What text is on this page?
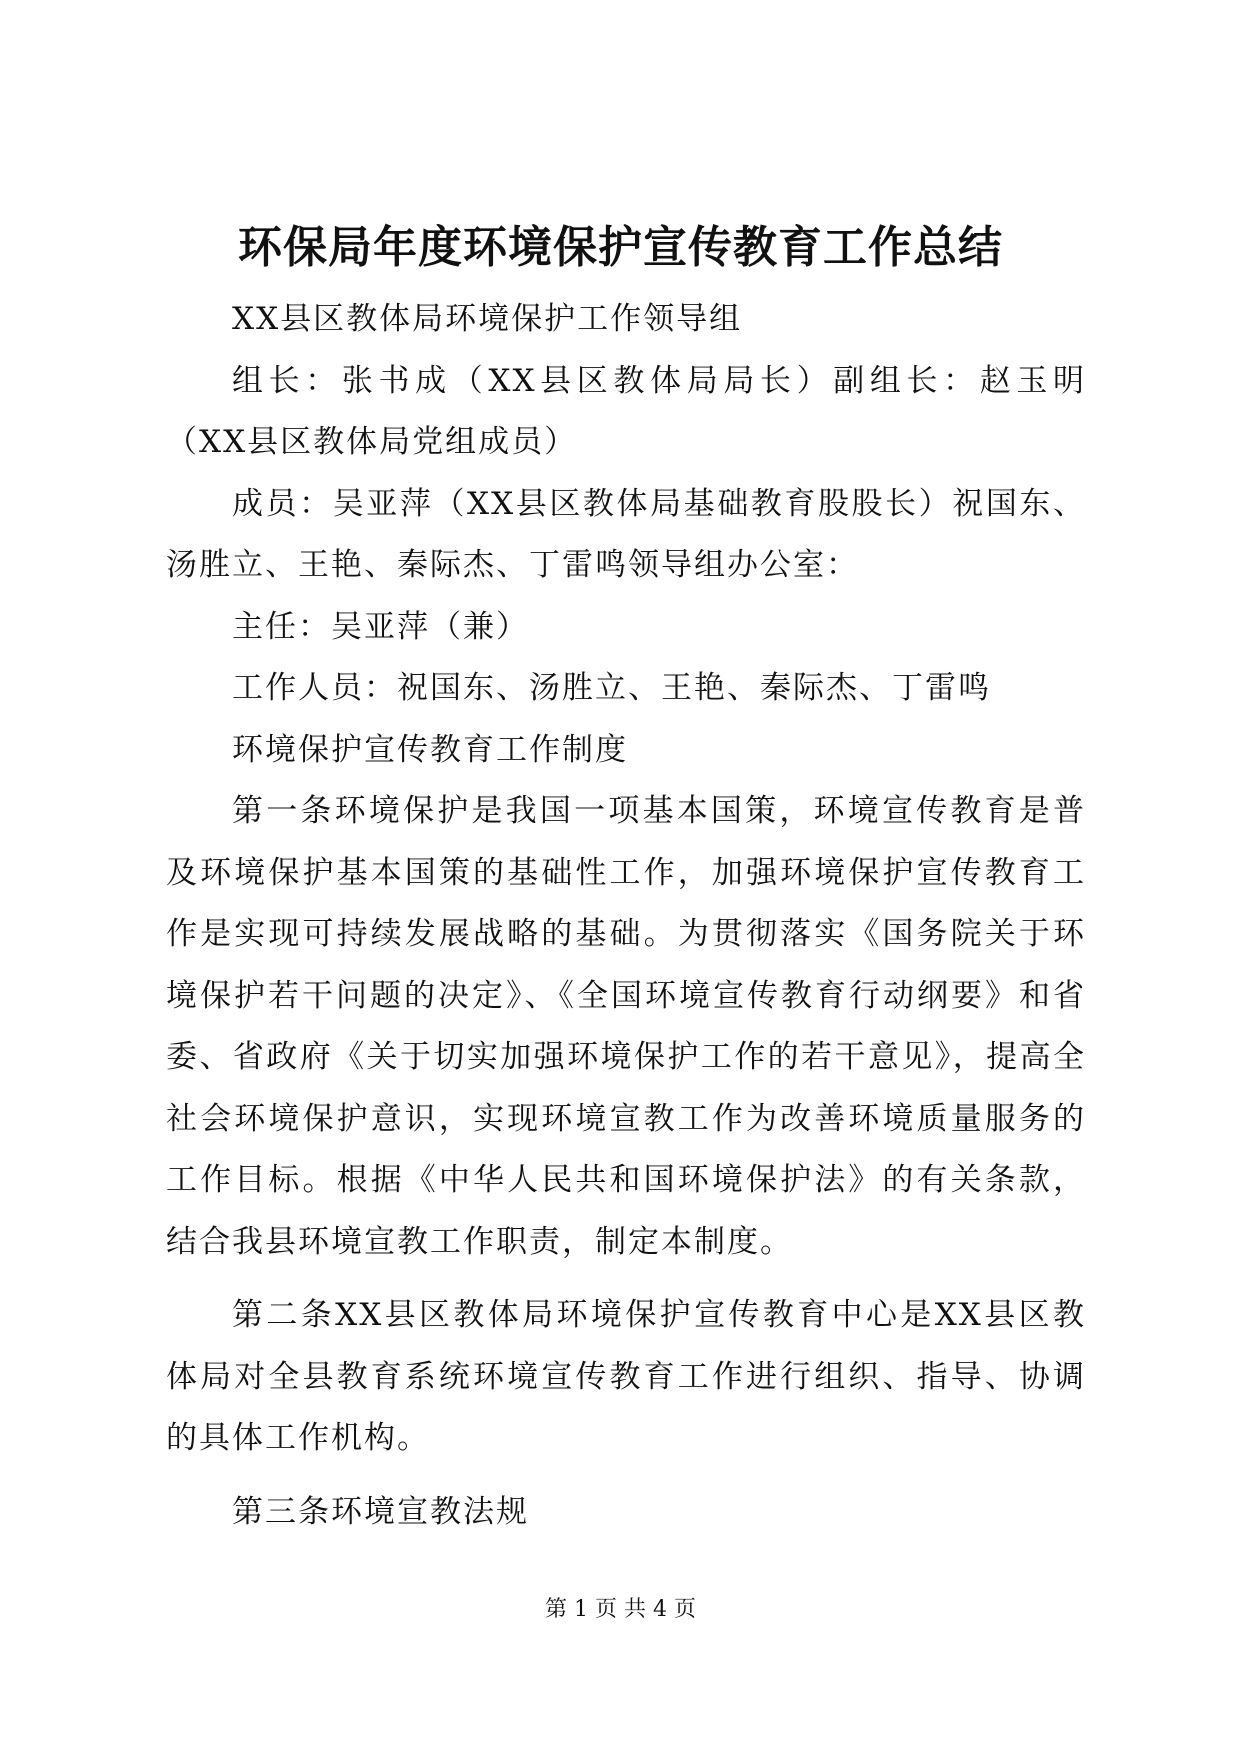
环保局年度环境保护宣传教育工作总结

XX县区教体局环境保护工作领导组

组长：张书成（XX县区教体局局长）副组长：赵玉明（XX县区教体局党组成员）

成员：吴亚萍（XX县区教体局基础教育股股长）祝国东、汤胜立、王艳、秦际杰、丁雷鸣领导组办公室：

主任：吴亚萍（兼）

工作人员：祝国东、汤胜立、王艳、秦际杰、丁雷鸣

环境保护宣传教育工作制度

第一条环境保护是我国一项基本国策，环境宣传教育是普及环境保护基本国策的基础性工作，加强环境保护宣传教育工作是实现可持续发展战略的基础。为贯彻落实《国务院关于环境保护若干问题的决定》、《全国环境宣传教育行动纲要》和省委、省政府《关于切实加强环境保护工作的若干意见》，提高全社会环境保护意识，实现环境宣教工作为改善环境质量服务的工作目标。根据《中华人民共和国环境保护法》的有关条款，结合我县环境宣教工作职责，制定本制度。

第二条XX县区教体局环境保护宣传教育中心是XX县区教体局对全县教育系统环境宣传教育工作进行组织、指导、协调的具体工作机构。

第三条环境宣教法规

第 1 页 共 4 页
